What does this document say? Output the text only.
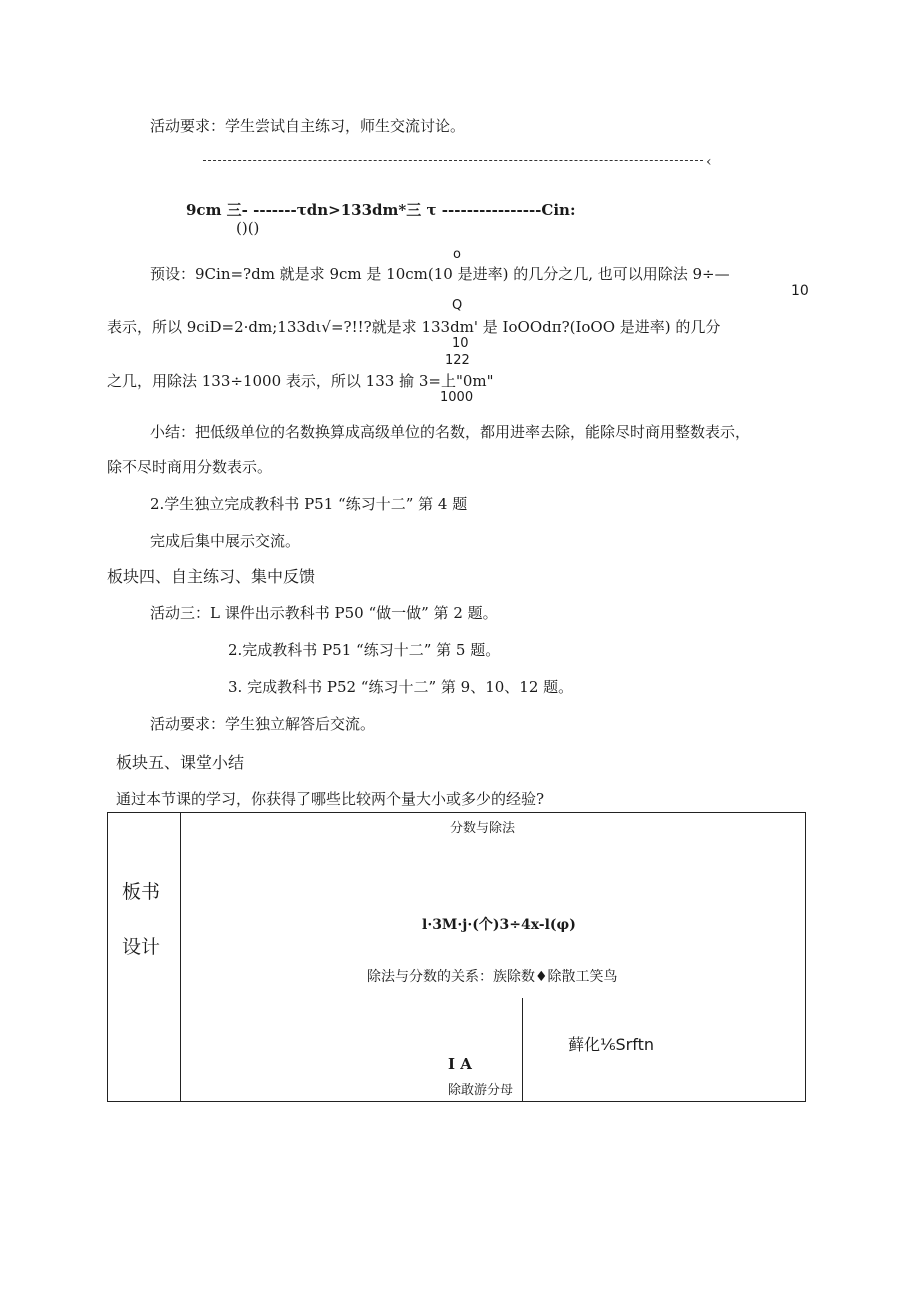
活动要求：学生尝试自主练习，师生交流讨论。
‹
9cm 三- -------τdn>133dm*三 τ ----------------Cin:
()()
o
预设：9Cin=?dm 就是求 9cm 是 10cm(10 是进率) 的几分之几, 也可以用除法 9÷—
10
Q
表示，所以 9ciD=2·dm;133dι√=?!!?就是求 133dm' 是 IoOOdπ?(IoOO 是进率) 的几分
10
122
之几，用除法 133÷1000 表示，所以 133 揄 3=上"0m"
1000
小结：把低级单位的名数换算成高级单位的名数，都用进率去除，能除尽时商用整数表示，
除不尽时商用分数表示。
2.学生独立完成教科书 P51 “练习十二” 第 4 题
完成后集中展示交流。
板块四、自主练习、集中反馈
活动三：L 课件出示教科书 P50 “做一做” 第 2 题。
2.完成教科书 P51 “练习十二” 第 5 题。
3. 完成教科书 P52 “练习十二” 第 9、10、12 题。
活动要求：学生独立解答后交流。
板块五、课堂小结
通过本节课的学习，你获得了哪些比较两个量大小或多少的经验?
板书
设计
分数与除法
l·3M·j·(个)3÷4x-l(φ)
除法与分数的关系：族除数♦除散工笑鸟
I A
除敢游分母
藓化⅙Srftn
